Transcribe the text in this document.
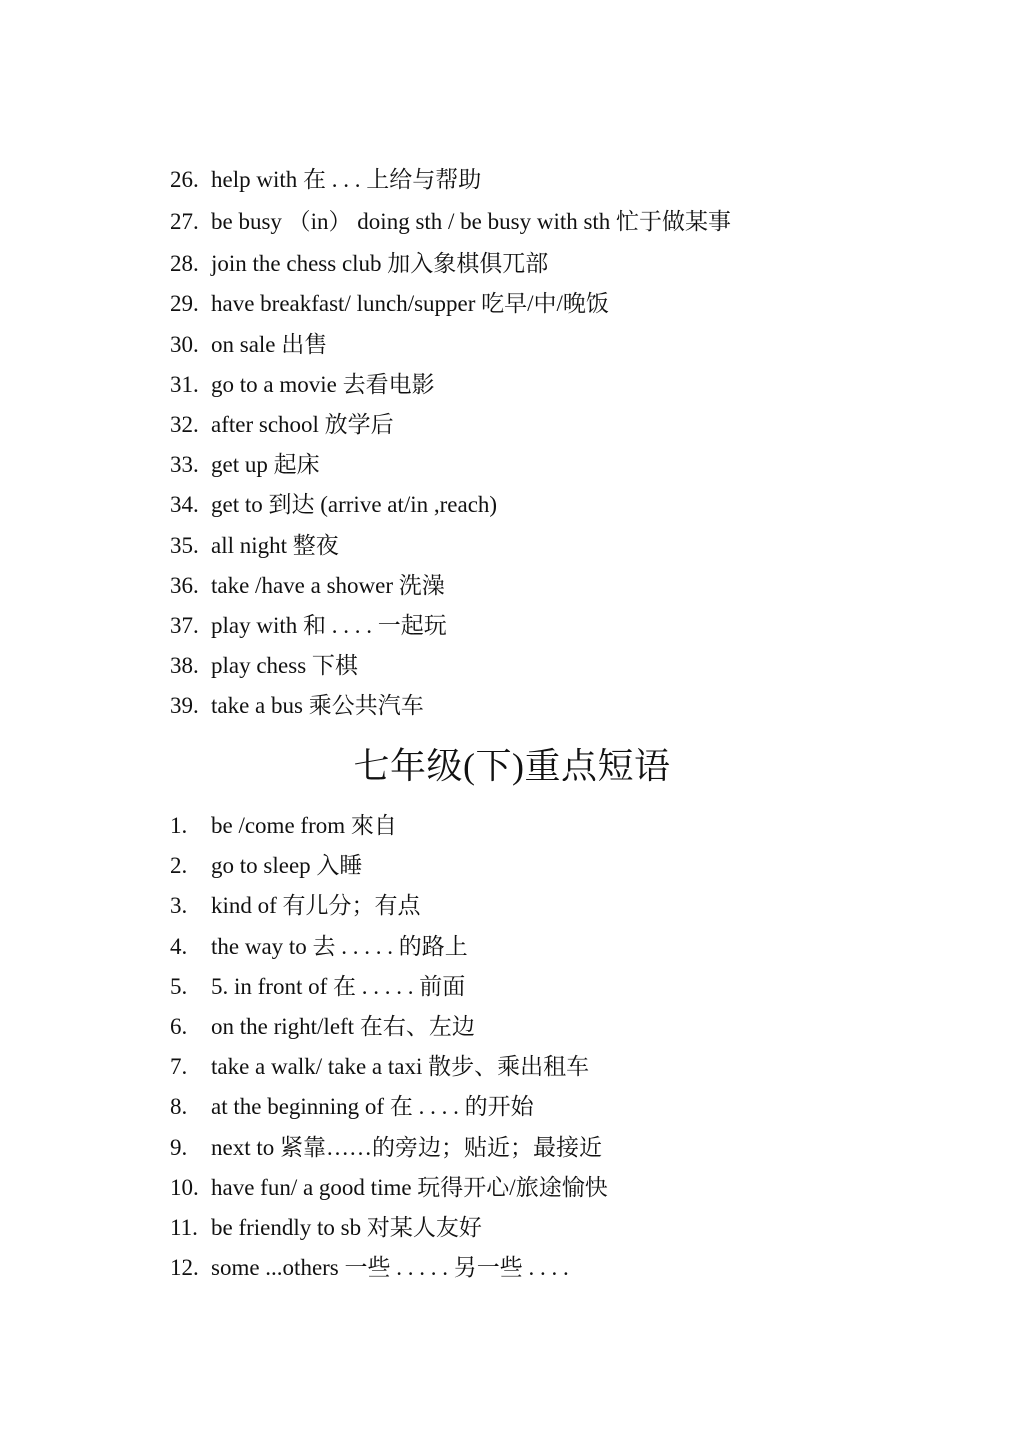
26. help with 在 . . . 上给与帮助
27. be busy （in） doing sth / be busy with sth 忙于做某事
28. join the chess club 加入象棋俱兀部
29. have breakfast/ lunch/supper 吃早/中/晚饭
30. on sale 出售
31. go to a movie 去看电影
32. after school 放学后
33. get up 起床
34. get to 到达 (arrive at/in ,reach)
35. all night 整夜
36. take /have a shower 洗澡
37. play with 和 . . . . 一起玩
38. play chess 下棋
39. take a bus 乘公共汽车
七年级(下)重点短语
1.	be /come from 來自
2.	go to sleep 入睡
3.	kind of 有儿分；有点
4.	the way to 去 . . . . . 的路上
5.	5. in front of 在 . . . . . 前面
6.	on the right/left 在右、左边
7.	take a walk/ take a taxi 散步、乘出租车
8.	at the beginning of 在 . . . . 的开始
9.	next to 紧靠……的旁边；贴近；最接近
10. have fun/ a good time 玩得开心/旅途愉快
11. be friendly to sb 对某人友好
12. some ...others 一些 . . . . . 另一些 . . . .
